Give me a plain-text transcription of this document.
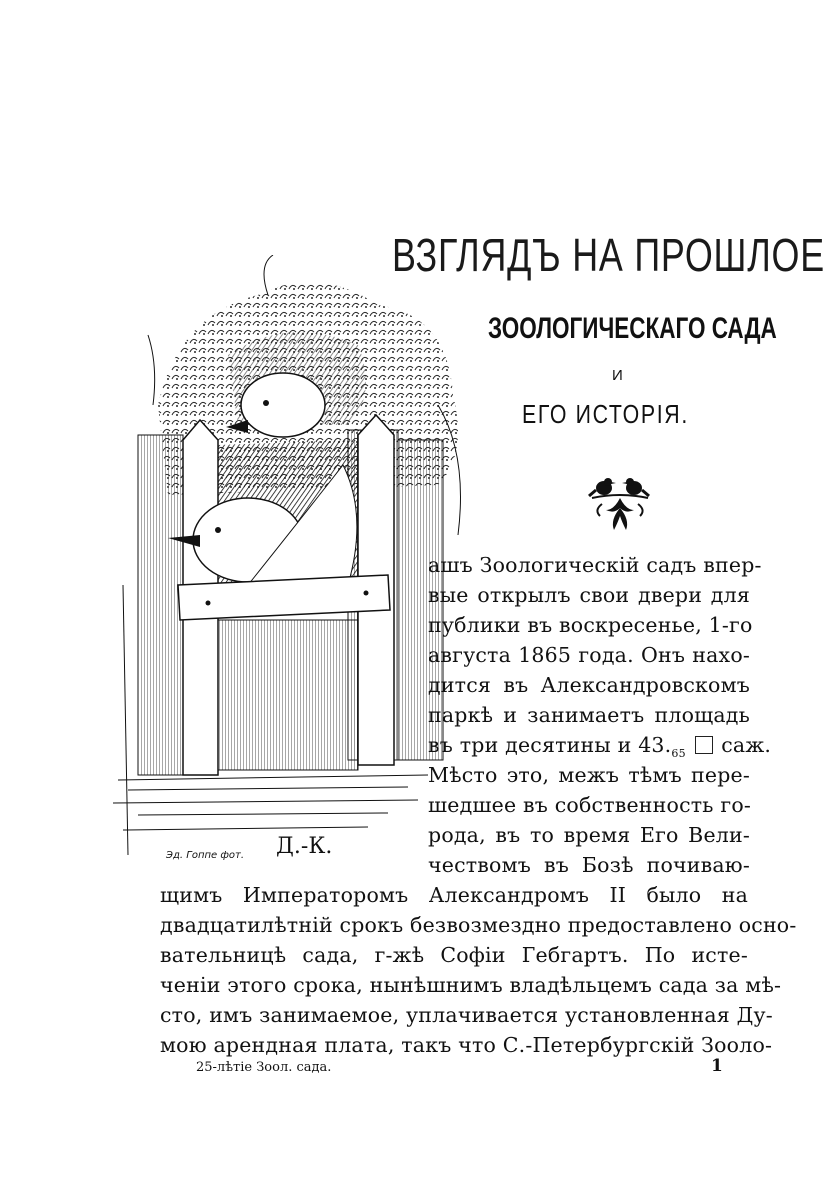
ВЗГЛЯДЪ НА ПРОШЛОЕ
ЗООЛОГИЧЕСКАГО САДА
И
ЕГО ИСТОРІЯ.
Эд. Гоппе фот. Д.-К.
ашъ Зоологическій садъ впер-
вые открылъ свои двери для
публики въ воскресенье, 1-го
августа 1865 года. Онъ нахо-
дится въ Александровскомъ
паркѣ и занимаетъ площадь
въ три десятины и $43._{65}$ саж.
Мѣсто это, межъ тѣмъ пере-
шедшее въ собственность го-
рода, въ то время Его Вели-
чествомъ въ Бозѣ почиваю-
щимъ Императоромъ Александромъ II было на
двадцатилѣтній срокъ безвозмездно предоставлено осно-
вательницѣ сада, г-жѣ Софіи Гебгартъ. По исте-
ченіи этого срока, нынѣшнимъ владѣльцемъ сада за мѣ-
сто, имъ занимаемое, уплачивается установленная Ду-
25-лѣтіе Зоол. сада.	1
мою арендная плата, такъ что С.-Петербургскій Зооло-
